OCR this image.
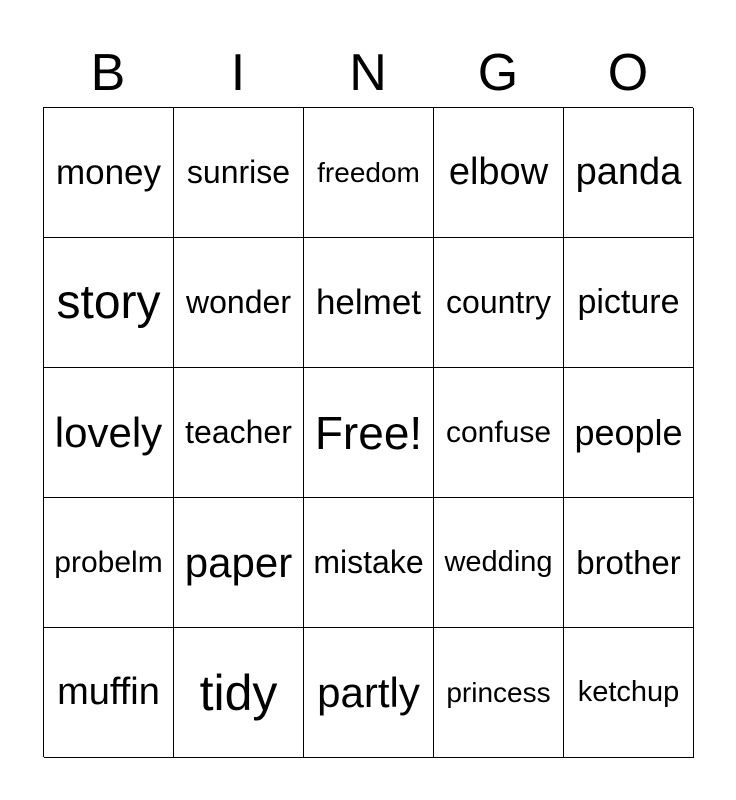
B	I	N	G	O
money sunrise freedom elbow panda
story wonder helmet country picture
lovely teacher Free! confuse people
probelm paper mistake wedding brother
muffin tidy partly princess ketchup
